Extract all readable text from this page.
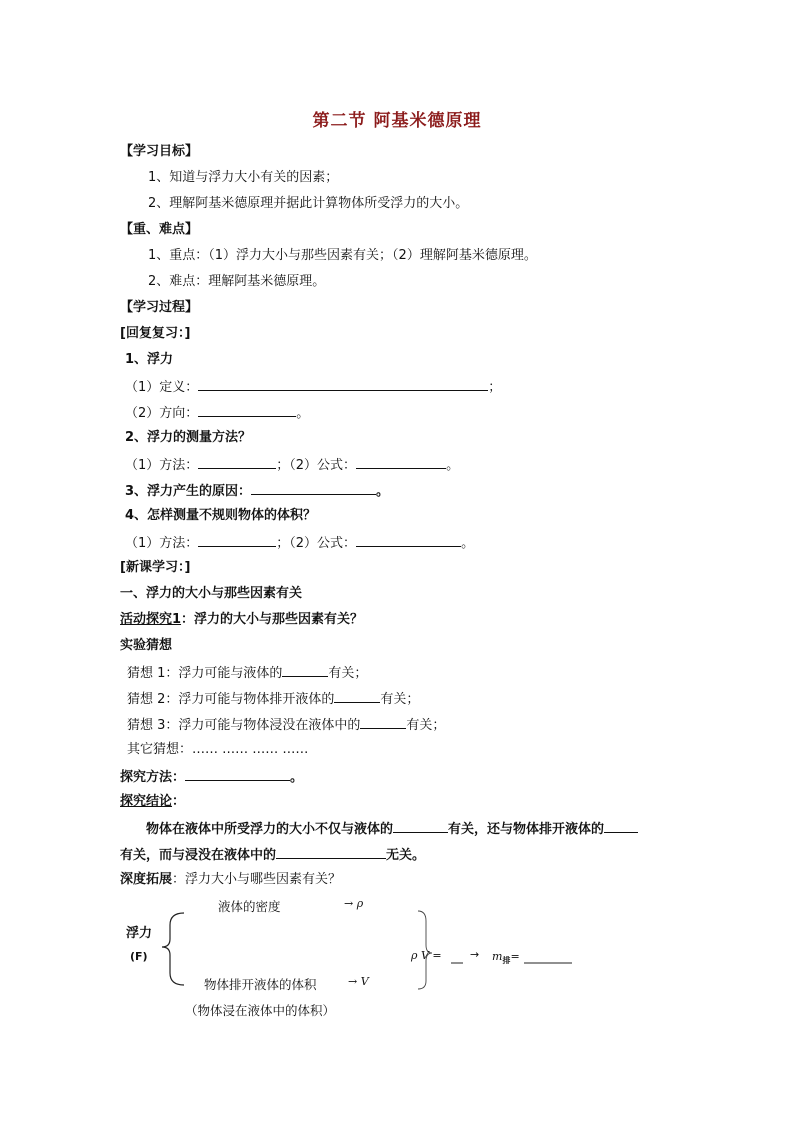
第二节 阿基米德原理
【学习目标】
1、知道与浮力大小有关的因素；
2、理解阿基米德原理并据此计算物体所受浮力的大小。
【重、难点】
1、重点：（1）浮力大小与那些因素有关；（2）理解阿基米德原理。
2、难点：理解阿基米德原理。
【学习过程】
[回复复习：]
1、浮力
（1）定义：	；
（2）方向：	。
2、浮力的测量方法？
（1）方法：	；（2）公式：	。
3、浮力产生的原因：	。
4、怎样测量不规则物体的体积？
（1）方法：	；（2）公式：	。
[新课学习：]
一、浮力的大小与那些因素有关
活动探究1：浮力的大小与那些因素有关？
实验猜想
猜想 1：浮力可能与液体的	有关；
猜想 2：浮力可能与物体排开液体的	有关；
猜想 3：浮力可能与物体浸没在液体中的	有关；
其它猜想：…… …… …… ……
探究方法：	。
探究结论：
物体在液体中所受浮力的大小不仅与液体的	有关，还与物体排开液体的
有关，而与浸没在液体中的	无关。
深度拓展：浮力大小与哪些因素有关？
浮力
(F)
液体的密度	→ ρ
物体排开液体的体积	→ V
（物体浸在液体中的体积）
ρ V =	→ $m_排=$
